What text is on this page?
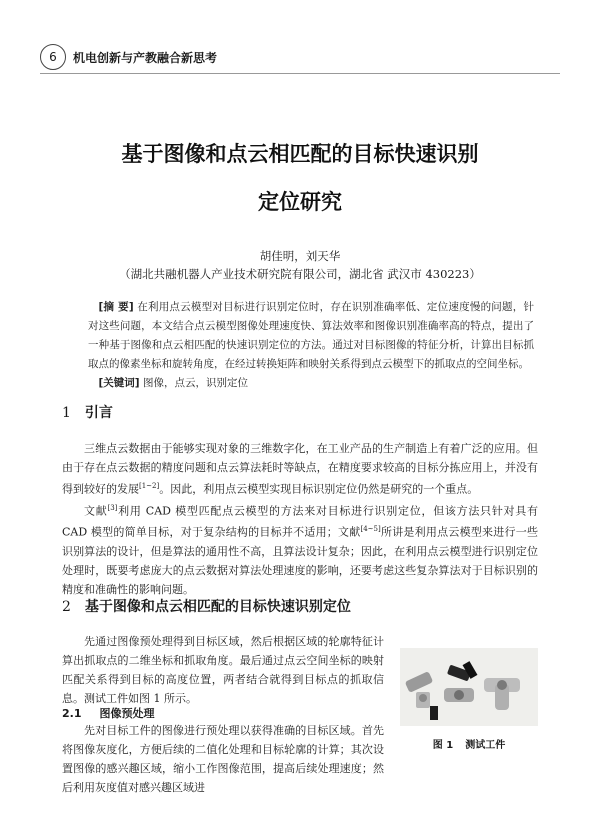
6	机电创新与产教融合新思考
基于图像和点云相匹配的目标快速识别
定位研究
胡佳明，刘天华
（湖北共融机器人产业技术研究院有限公司，湖北省 武汉市 430223）

[摘 要] 在利用点云模型对目标进行识别定位时，存在识别准确率低、定位速度慢的问题，针对这些问题，本文结合点云模型图像处理速度快、算法效率和图像识别准确率高的特点，提出了一种基于图像和点云相匹配的快速识别定位的方法。通过对目标图像的特征分析，计算出目标抓取点的像素坐标和旋转角度，在经过转换矩阵和映射关系得到点云模型下的抓取点的空间坐标。

[关键词] 图像，点云，识别定位

1 引言

三维点云数据由于能够实现对象的三维数字化，在工业产品的生产制造上有着广泛的应用。但由于存在点云数据的精度问题和点云算法耗时等缺点，在精度要求较高的目标分拣应用上，并没有得到较好的发展[1~2]。因此，利用点云模型实现目标识别定位仍然是研究的一个重点。

文献[3]利用 CAD 模型匹配点云模型的方法来对目标进行识别定位，但该方法只针对具有 CAD 模型的简单目标，对于复杂结构的目标并不适用；文献[4~5]所讲是利用点云模型来进行一些识别算法的设计，但是算法的通用性不高，且算法设计复杂；因此，在利用点云模型进行识别定位处理时，既要考虑庞大的点云数据对算法处理速度的影响，还要考虑这些复杂算法对于目标识别的精度和准确性的影响问题。

2 基于图像和点云相匹配的目标快速识别定位

先通过图像预处理得到目标区域，然后根据区域的轮廓特征计算出抓取点的二维坐标和抓取角度。最后通过点云空间坐标的映射匹配关系得到目标的高度位置，两者结合就得到目标点的抓取信息。测试工件如图 1 所示。

2.1 图像预处理

先对目标工件的图像进行预处理以获得准确的目标区域。首先将图像灰度化，方便后续的二值化处理和目标轮廓的计算；其次设置图像的感兴趣区域，缩小工作图像范围，提高后续处理速度；然后利用灰度值对感兴趣区域进

图 1 测试工件
